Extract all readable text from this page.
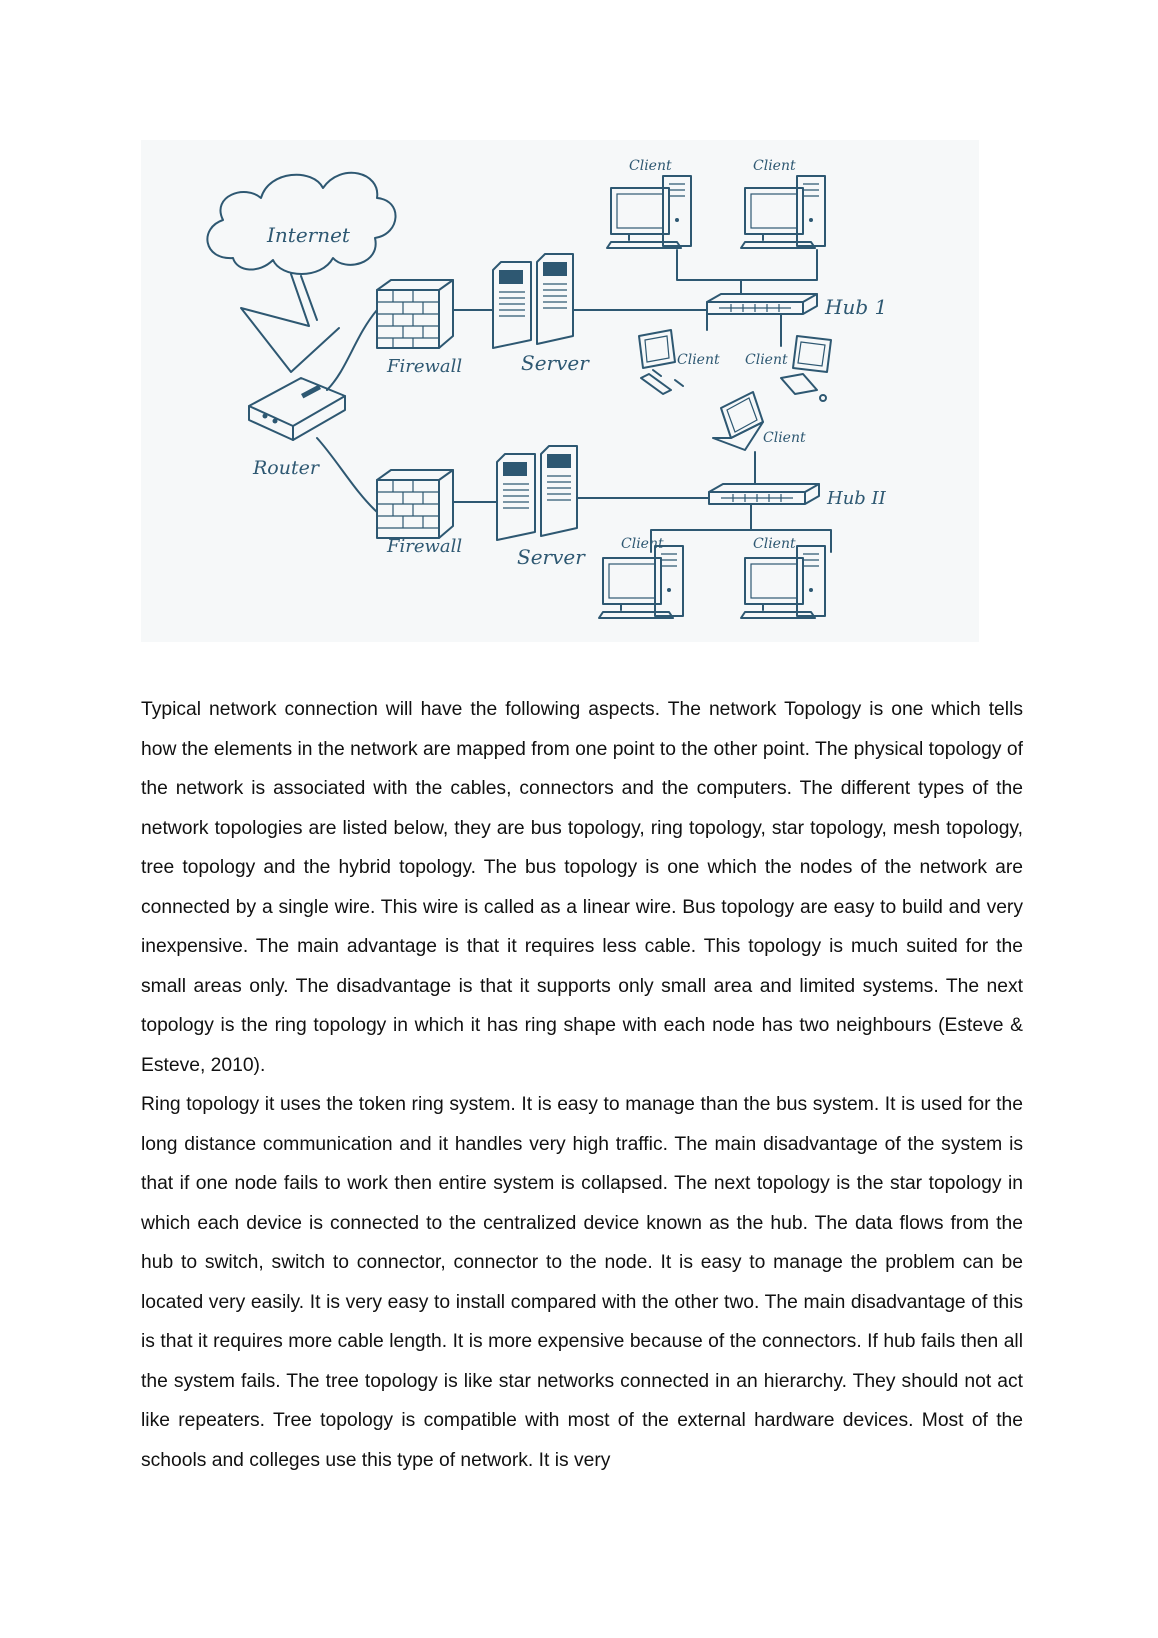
Internet
Router
Firewall
Firewall
Server
Server
Hub 1
Hub II
Client	Client
Client Client
Client
Client	Client

Typical network connection will have the following aspects. The network Topology is one which tells how the elements in the network are mapped from one point to the other point. The physical topology of the network is associated with the cables, connectors and the computers. The different types of the network topologies are listed below, they are bus topology, ring topology, star topology, mesh topology, tree topology and the hybrid topology. The bus topology is one which the nodes of the network are connected by a single wire. This wire is called as a linear wire. Bus topology are easy to build and very inexpensive. The main advantage is that it requires less cable. This topology is much suited for the small areas only. The disadvantage is that it supports only small area and limited systems. The next topology is the ring topology in which it has ring shape with each node has two neighbours (Esteve & Esteve, 2010).

Ring topology it uses the token ring system. It is easy to manage than the bus system. It is used for the long distance communication and it handles very high traffic. The main disadvantage of the system is that if one node fails to work then entire system is collapsed. The next topology is the star topology in which each device is connected to the centralized device known as the hub. The data flows from the hub to switch, switch to connector, connector to the node. It is easy to manage the problem can be located very easily. It is very easy to install compared with the other two. The main disadvantage of this is that it requires more cable length. It is more expensive because of the connectors. If hub fails then all the system fails. The tree topology is like star networks connected in an hierarchy. They should not act like repeaters. Tree topology is compatible with most of the external hardware devices. Most of the schools and colleges use this type of network. It is very
